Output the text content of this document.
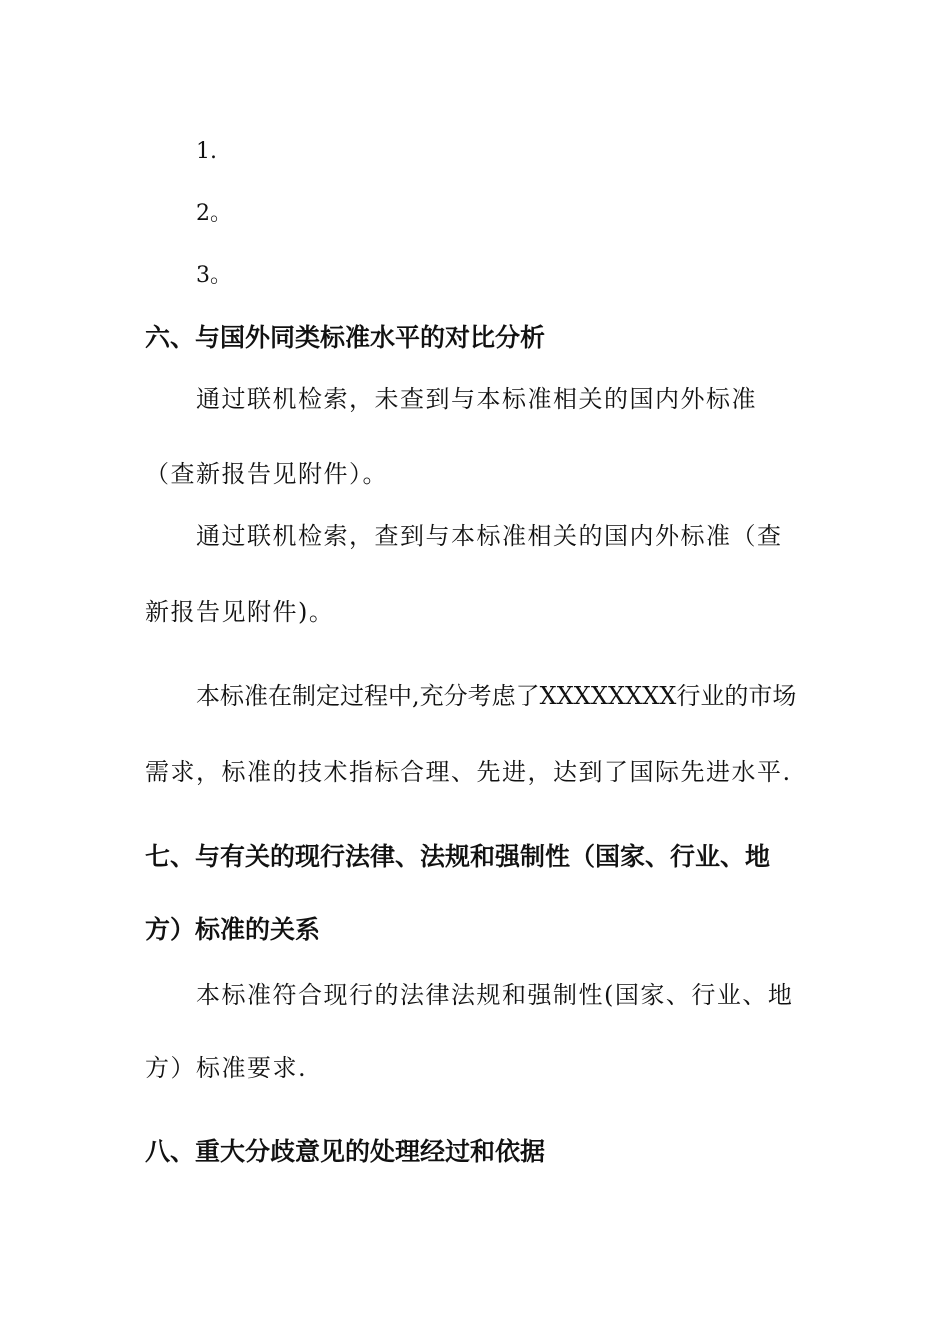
1.
2。
3。
六、与国外同类标准水平的对比分析
通过联机检索，未查到与本标准相关的国内外标准
（查新报告见附件）。
通过联机检索，查到与本标准相关的国内外标准（查
新报告见附件)。
本标准在制定过程中,充分考虑了XXXXXXXX行业的市场
需求，标准的技术指标合理、先进，达到了国际先进水平.
七、与有关的现行法律、法规和强制性（国家、行业、地
方）标准的关系
本标准符合现行的法律法规和强制性(国家、行业、地
方）标准要求.
八、重大分歧意见的处理经过和依据
